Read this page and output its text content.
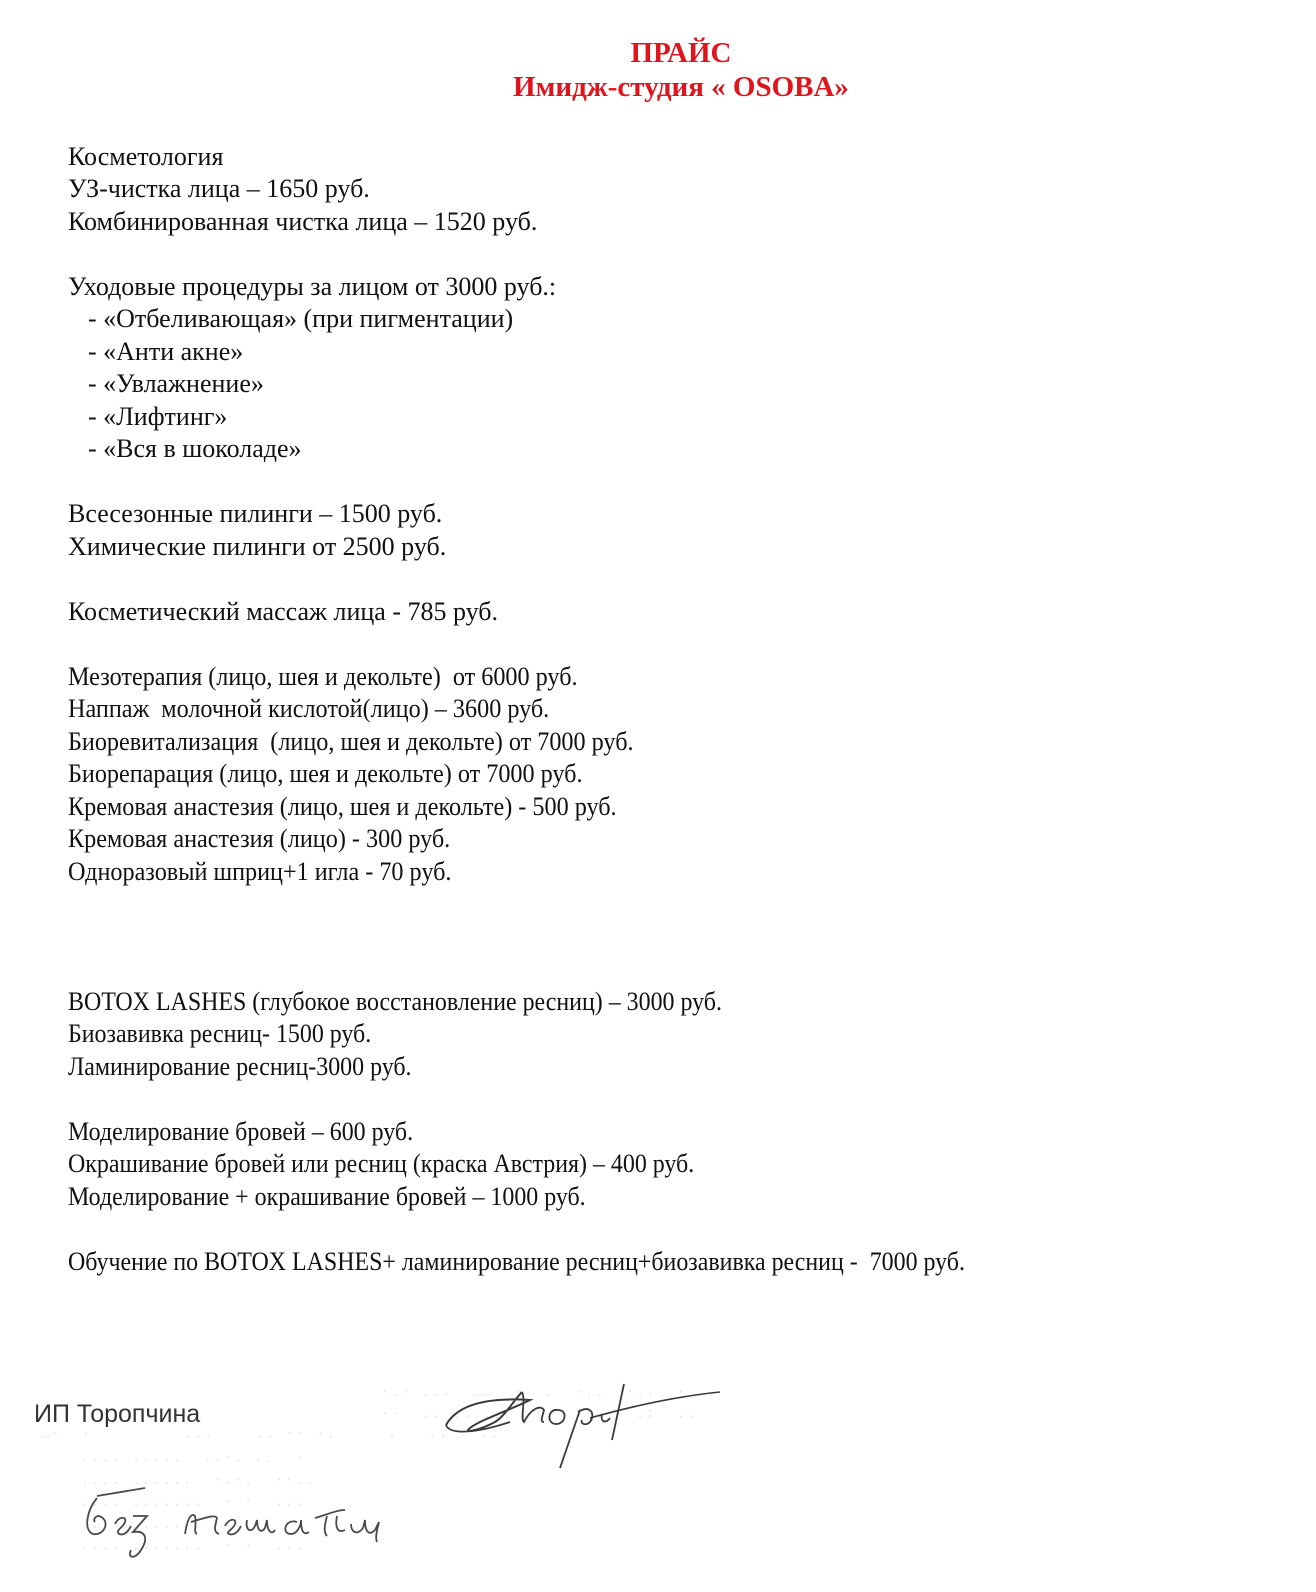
ПРАЙС
Имидж-студия « OSOBA»
Косметология
УЗ-чистка лица – 1650 руб.
Комбинированная чистка лица – 1520 руб.
Уходовые процедуры за лицом от 3000 руб.:
- «Отбеливающая» (при пигментации)
- «Анти акне»
- «Увлажнение»
- «Лифтинг»
- «Вся в шоколаде»
Всесезонные пилинги – 1500 руб.
Химические пилинги от 2500 руб.
Косметический массаж лица - 785 руб.
Мезотерапия (лицо, шея и декольте)  от 6000 руб.
Наппаж  молочной кислотой(лицо) – 3600 руб.
Биоревитализация  (лицо, шея и декольте) от 7000 руб.
Биорепарация (лицо, шея и декольте) от 7000 руб.
Кремовая анастезия (лицо, шея и декольте) - 500 руб.
Кремовая анастезия (лицо) - 300 руб.
Одноразовый шприц+1 игла - 70 руб.
BOTOX LASHES (глубокое восстановление ресниц) – 3000 руб.
Биозавивка ресниц- 1500 руб.
Ламинирование ресниц-3000 руб.
Моделирование бровей – 600 руб.
Окрашивание бровей или ресниц (краска Австрия) – 400 руб.
Моделирование + окрашивание бровей – 1000 руб.
Обучение по BOTOX LASHES+ ламинирование ресниц+биозавивка ресниц -  7000 руб.
·.· ...  ……  ·  .  ·..  ·..  · ..
··  .. ......  ·.·  ·.·  .:  ..
…·  ·         ...    .. ·· ·.     .   ..   .:
.... .....  ..·. ..  ·
.... ......  ·.·.  ··..
.... .......  · ·  ...
..... ......  ·..·
.... .......  · ·  ...
ИП Торопчина
